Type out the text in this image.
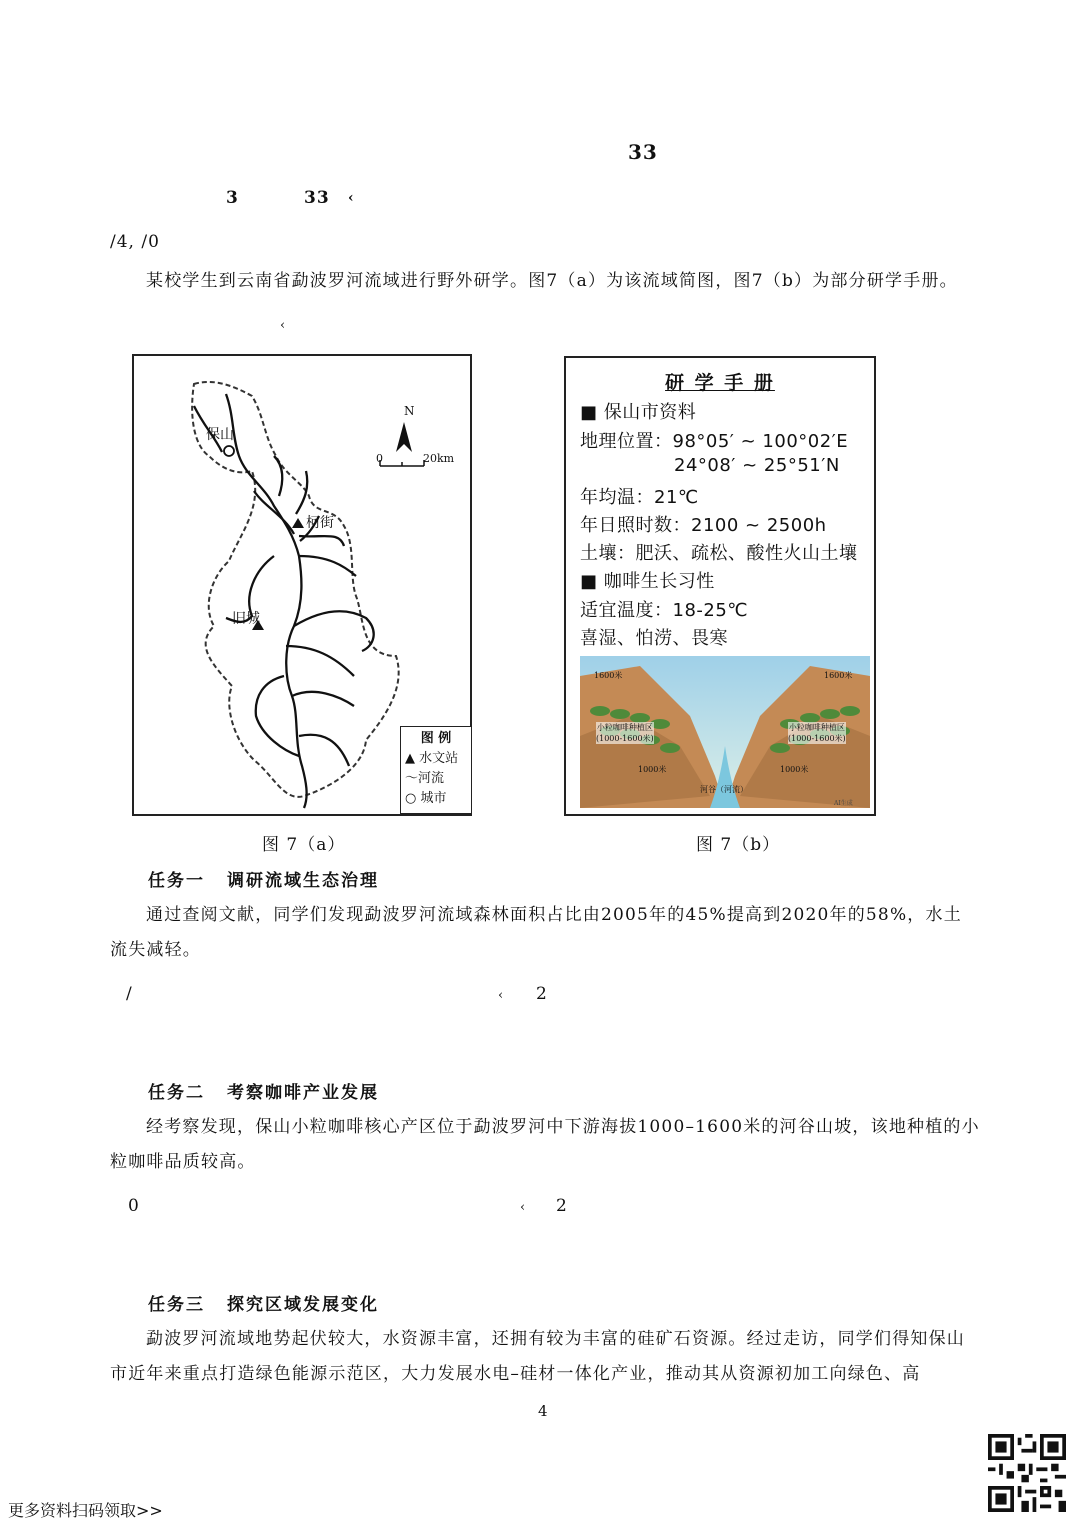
33
3	33 ‹
/4, /0
某校学生到云南省勐波罗河流域进行野外研学。图7（a）为该流域简图，图7（b）为部分研学手册。
‹
N
0	20km
保山
柯街
旧城
图 例
▲ 水文站
〜河流
○ 城市
图 7（a）
研 学 手 册
■ 保山市资料
地理位置：98°05′ ~ 100°02′E
24°08′ ~ 25°51′N
年均温：21℃
年日照时数：2100 ~ 2500h
土壤：肥沃、疏松、酸性火山土壤
■ 咖啡生长习性
适宜温度：18-25℃
喜湿、怕涝、畏寒
1600米	1600米
小粒咖啡种植区
(1000-1600米)
小粒咖啡种植区
(1000-1600米)
1000米	1000米
河谷（河流）
AI生成
图 7（b）
任务一 调研流域生态治理
通过查阅文献，同学们发现勐波罗河流域森林面积占比由2005年的45%提高到2020年的58%，水土流失减轻。
/	‹ 2
任务二 考察咖啡产业发展
经考察发现，保山小粒咖啡核心产区位于勐波罗河中下游海拔1000–1600米的河谷山坡，该地种植的小粒咖啡品质较高。
0	‹ 2
任务三 探究区域发展变化
勐波罗河流域地势起伏较大，水资源丰富，还拥有较为丰富的硅矿石资源。经过走访，同学们得知保山市近年来重点打造绿色能源示范区，大力发展水电–硅材一体化产业，推动其从资源初加工向绿色、高
4
更多资料扫码领取>>
